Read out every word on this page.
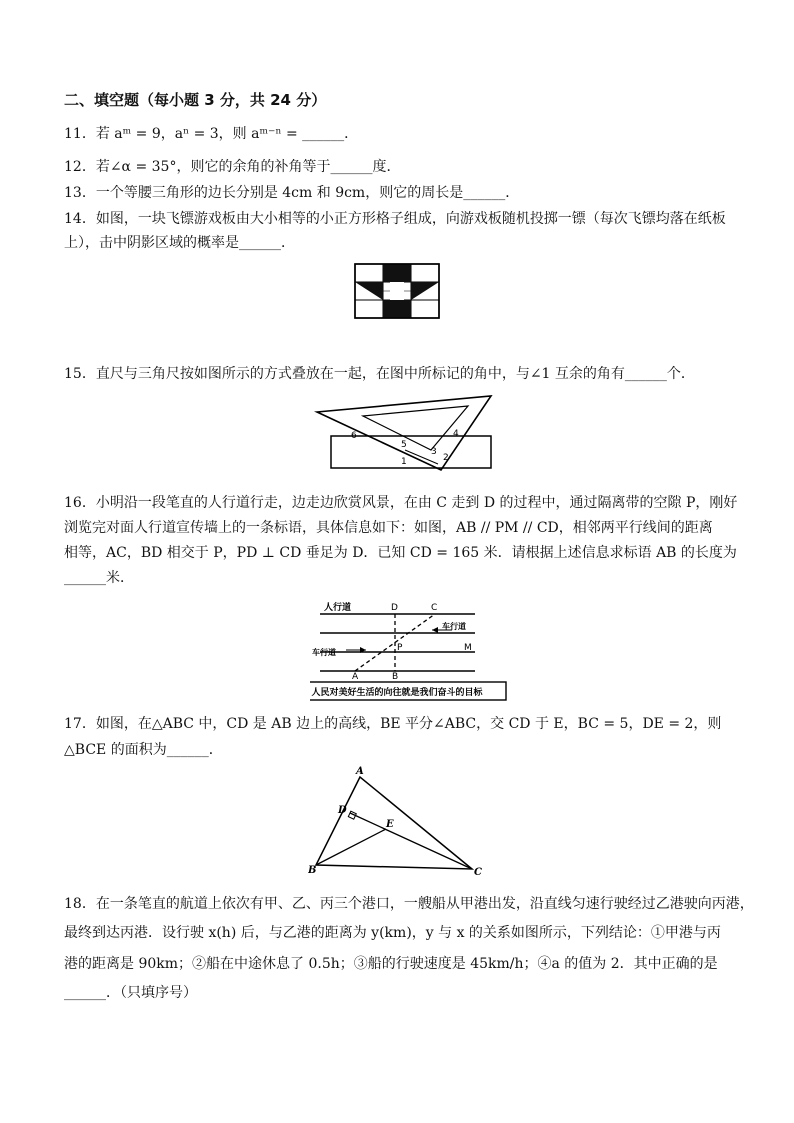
二、填空题（每小题 3 分，共 24 分）
11．若 aᵐ = 9，aⁿ = 3，则 aᵐ⁻ⁿ = ______．
12．若∠α = 35°，则它的余角的补角等于______度．
13．一个等腰三角形的边长分别是 4cm 和 9cm，则它的周长是______．
14．如图，一块飞镖游戏板由大小相等的小正方形格子组成，向游戏板随机投掷一镖（每次飞镖均落在纸板
上），击中阴影区域的概率是______．
15．直尺与三角尺按如图所示的方式叠放在一起，在图中所标记的角中，与∠1 互余的角有______个．
6
5
3
4
1	2
16．小明沿一段笔直的人行道行走，边走边欣赏风景，在由 C 走到 D 的过程中，通过隔离带的空隙 P，刚好
浏览完对面人行道宣传墙上的一条标语，具体信息如下：如图，AB // PM // CD，相邻两平行线间的距离
相等，AC，BD 相交于 P，PD ⊥ CD 垂足为 D．已知 CD = 165 米．请根据上述信息求标语 AB 的长度为
______米．
人行道
车行道
车行道
D	C
P	M
A	B
人民对美好生活的向往就是我们奋斗的目标
17．如图，在△ABC 中，CD 是 AB 边上的高线，BE 平分∠ABC，交 CD 于 E，BC = 5，DE = 2，则
△BCE 的面积为______．
A
D
E
B	C
18．在一条笔直的航道上依次有甲、乙、丙三个港口，一艘船从甲港出发，沿直线匀速行驶经过乙港驶向丙港，
最终到达丙港．设行驶 x(h) 后，与乙港的距离为 y(km)，y 与 x 的关系如图所示，下列结论：①甲港与丙
港的距离是 90km；②船在中途休息了 0.5h；③船的行驶速度是 45km/h；④a 的值为 2．其中正确的是
______．（只填序号）
